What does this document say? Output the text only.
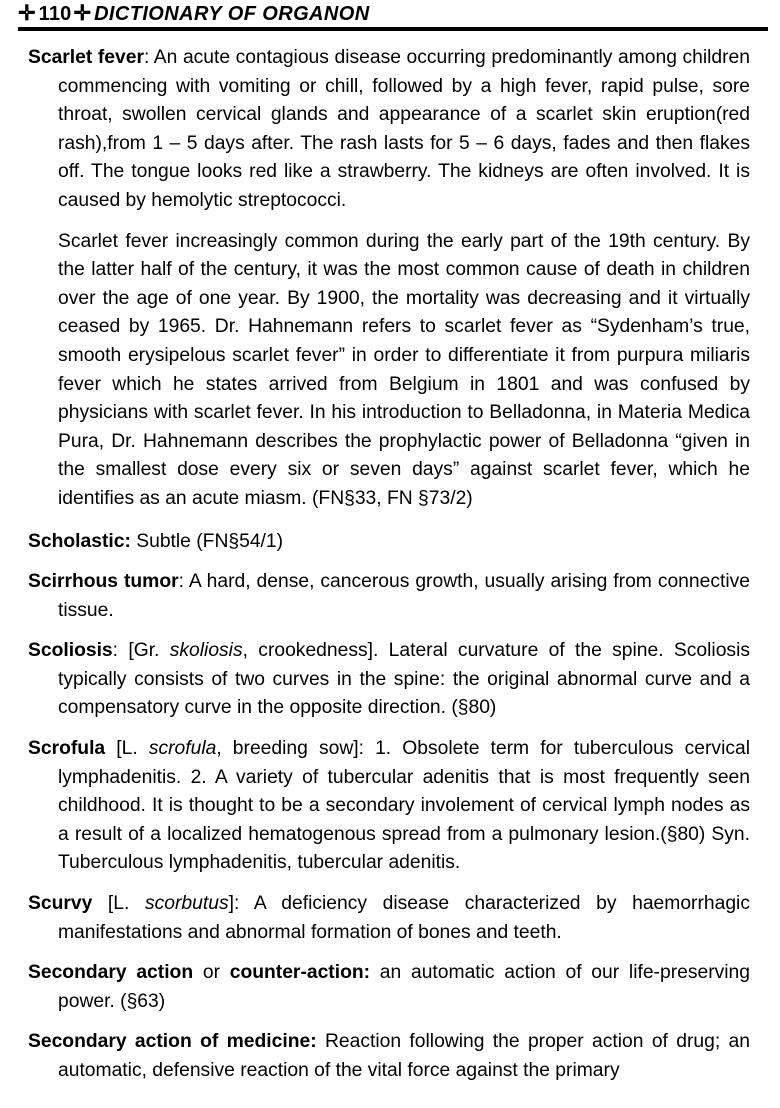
✛ 110 ✛ DICTIONARY OF ORGANON

Scarlet fever: An acute contagious disease occurring predominantly among children commencing with vomiting or chill, followed by a high fever, rapid pulse, sore throat, swollen cervical glands and appearance of a scarlet skin eruption(red rash),from 1 – 5 days after. The rash lasts for 5 – 6 days, fades and then flakes off. The tongue looks red like a strawberry. The kidneys are often involved. It is caused by hemolytic streptococci.

Scarlet fever increasingly common during the early part of the 19th century. By the latter half of the century, it was the most common cause of death in children over the age of one year. By 1900, the mortality was decreasing and it virtually ceased by 1965. Dr. Hahnemann refers to scarlet fever as “Sydenham’s true, smooth erysipelous scarlet fever” in order to differentiate it from purpura miliaris fever which he states arrived from Belgium in 1801 and was confused by physicians with scarlet fever. In his introduction to Belladonna, in Materia Medica Pura, Dr. Hahnemann describes the prophylactic power of Belladonna “given in the smallest dose every six or seven days” against scarlet fever, which he identifies as an acute miasm. (FN§33, FN §73/2)

Scholastic: Subtle (FN§54/1)

Scirrhous tumor: A hard, dense, cancerous growth, usually arising from connective tissue.

Scoliosis: [Gr. skoliosis, crookedness]. Lateral curvature of the spine. Scoliosis typically consists of two curves in the spine: the original abnormal curve and a compensatory curve in the opposite direction. (§80)

Scrofula [L. scrofula, breeding sow]: 1. Obsolete term for tuberculous cervical lymphadenitis. 2. A variety of tubercular adenitis that is most frequently seen childhood. It is thought to be a secondary involement of cervical lymph nodes as a result of a localized hematogenous spread from a pulmonary lesion.(§80) Syn. Tuberculous lymphadenitis, tubercular adenitis.

Scurvy [L. scorbutus]: A deficiency disease characterized by haemorrhagic manifestations and abnormal formation of bones and teeth.

Secondary action or counter-action: an automatic action of our life-preserving power. (§63)

Secondary action of medicine: Reaction following the proper action of drug; an automatic, defensive reaction of the vital force against the primary
